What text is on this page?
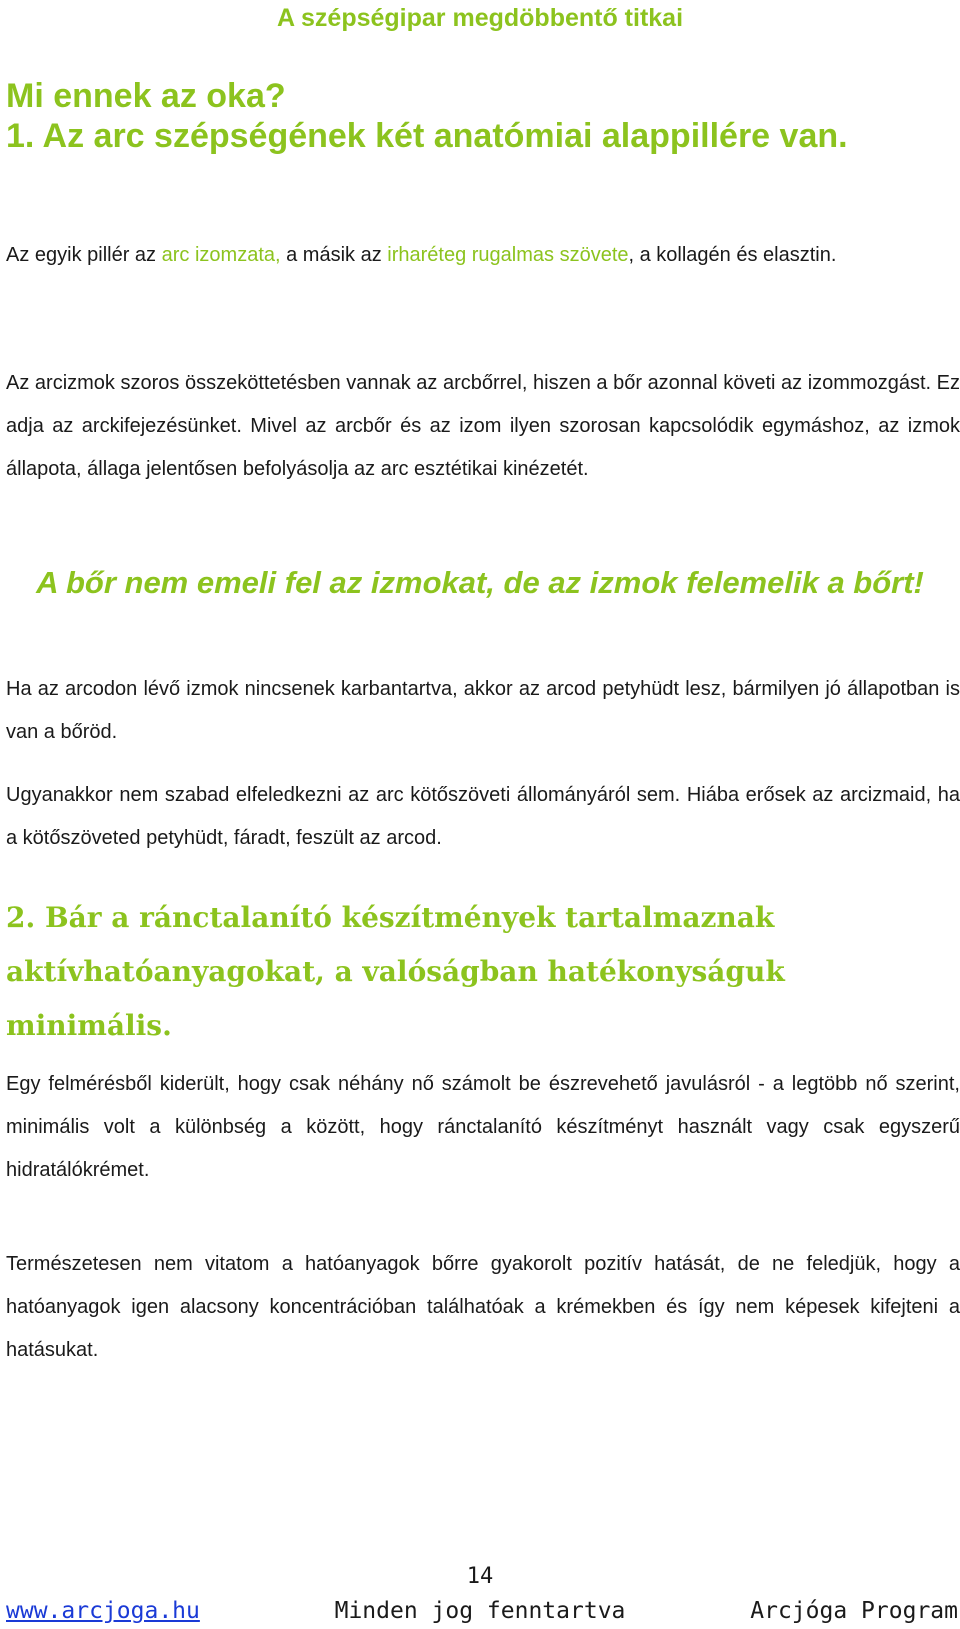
A szépségipar megdöbbentő titkai
Mi ennek az oka?
1. Az arc szépségének két anatómiai alappillére van.

Az egyik pillér az arc izomzata, a másik az irharéteg rugalmas szövete, a kollagén és elasztin.

Az arcizmok szoros összeköttetésben vannak az arcbőrrel, hiszen a bőr azonnal követi az izommozgást. Ez adja az arckifejezésünket. Mivel az arcbőr és az izom ilyen szorosan kapcsolódik egymáshoz, az izmok állapota, állaga jelentősen befolyásolja az arc esztétikai kinézetét.

A bőr nem emeli fel az izmokat, de az izmok felemelik a bőrt!

Ha az arcodon lévő izmok nincsenek karbantartva, akkor az arcod petyhüdt lesz, bármilyen jó állapotban is van a bőröd.

Ugyanakkor nem szabad elfeledkezni az arc kötőszöveti állományáról sem. Hiába erősek az arcizmaid, ha a kötőszöveted petyhüdt, fáradt, feszült az arcod.

2. Bár a ránctalanító készítmények tartalmaznak aktívhatóanyagokat, a valóságban hatékonyságuk minimális.

Egy felmérésből kiderült, hogy csak néhány nő számolt be észrevehető javulásról - a legtöbb nő szerint, minimális volt a különbség a között, hogy ránctalanító készítményt használt vagy csak egyszerű hidratálókrémet.

Természetesen nem vitatom a hatóanyagok bőrre gyakorolt pozitív hatását, de ne feledjük, hogy a hatóanyagok igen alacsony koncentrációban találhatóak a krémekben és így nem képesek kifejteni a hatásukat.

14
www.arcjoga.hu	Minden jog fenntartva	Arcjóga Program
